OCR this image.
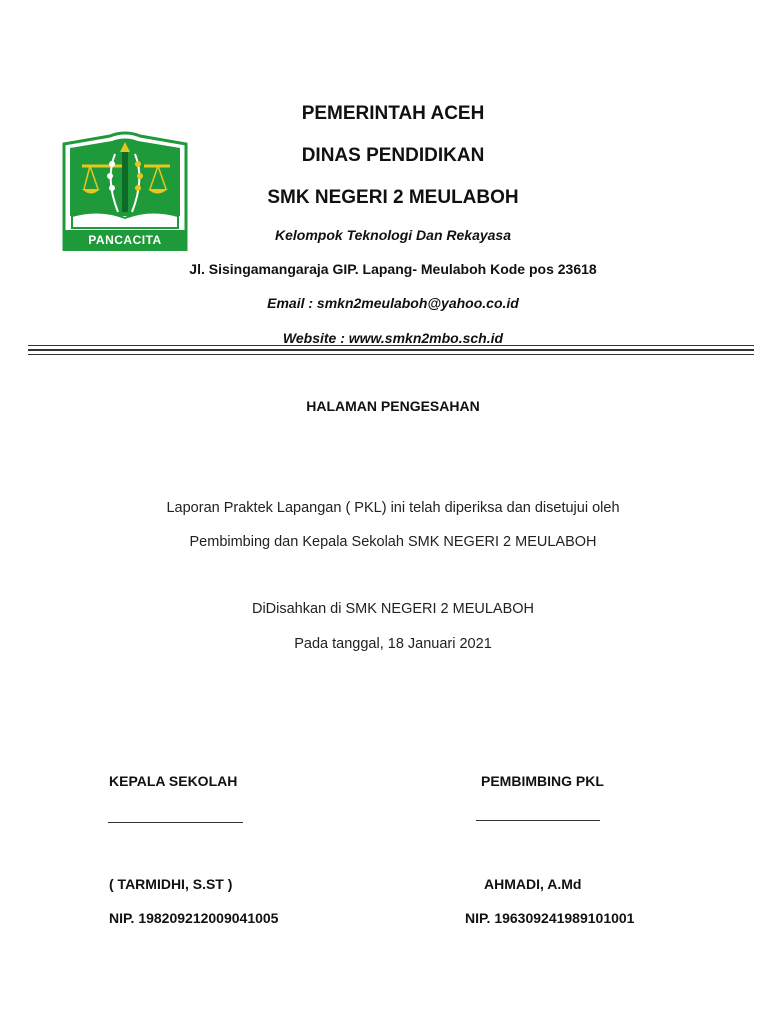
PANCACITA
PEMERINTAH ACEH
DINAS PENDIDIKAN
SMK NEGERI 2 MEULABOH
Kelompok Teknologi Dan Rekayasa
Jl. Sisingamangaraja GIP. Lapang- Meulaboh Kode pos 23618
Email : smkn2meulaboh@yahoo.co.id
Website : www.smkn2mbo.sch.id
HALAMAN PENGESAHAN
Laporan Praktek Lapangan ( PKL) ini telah diperiksa dan disetujui oleh
Pembimbing dan Kepala Sekolah SMK NEGERI 2 MEULABOH
DiDisahkan di SMK NEGERI 2 MEULABOH
Pada tanggal, 18 Januari 2021
KEPALA SEKOLAH
( TARMIDHI, S.ST )
NIP. 198209212009041005
PEMBIMBING PKL
AHMADI, A.Md
NIP. 196309241989101001
